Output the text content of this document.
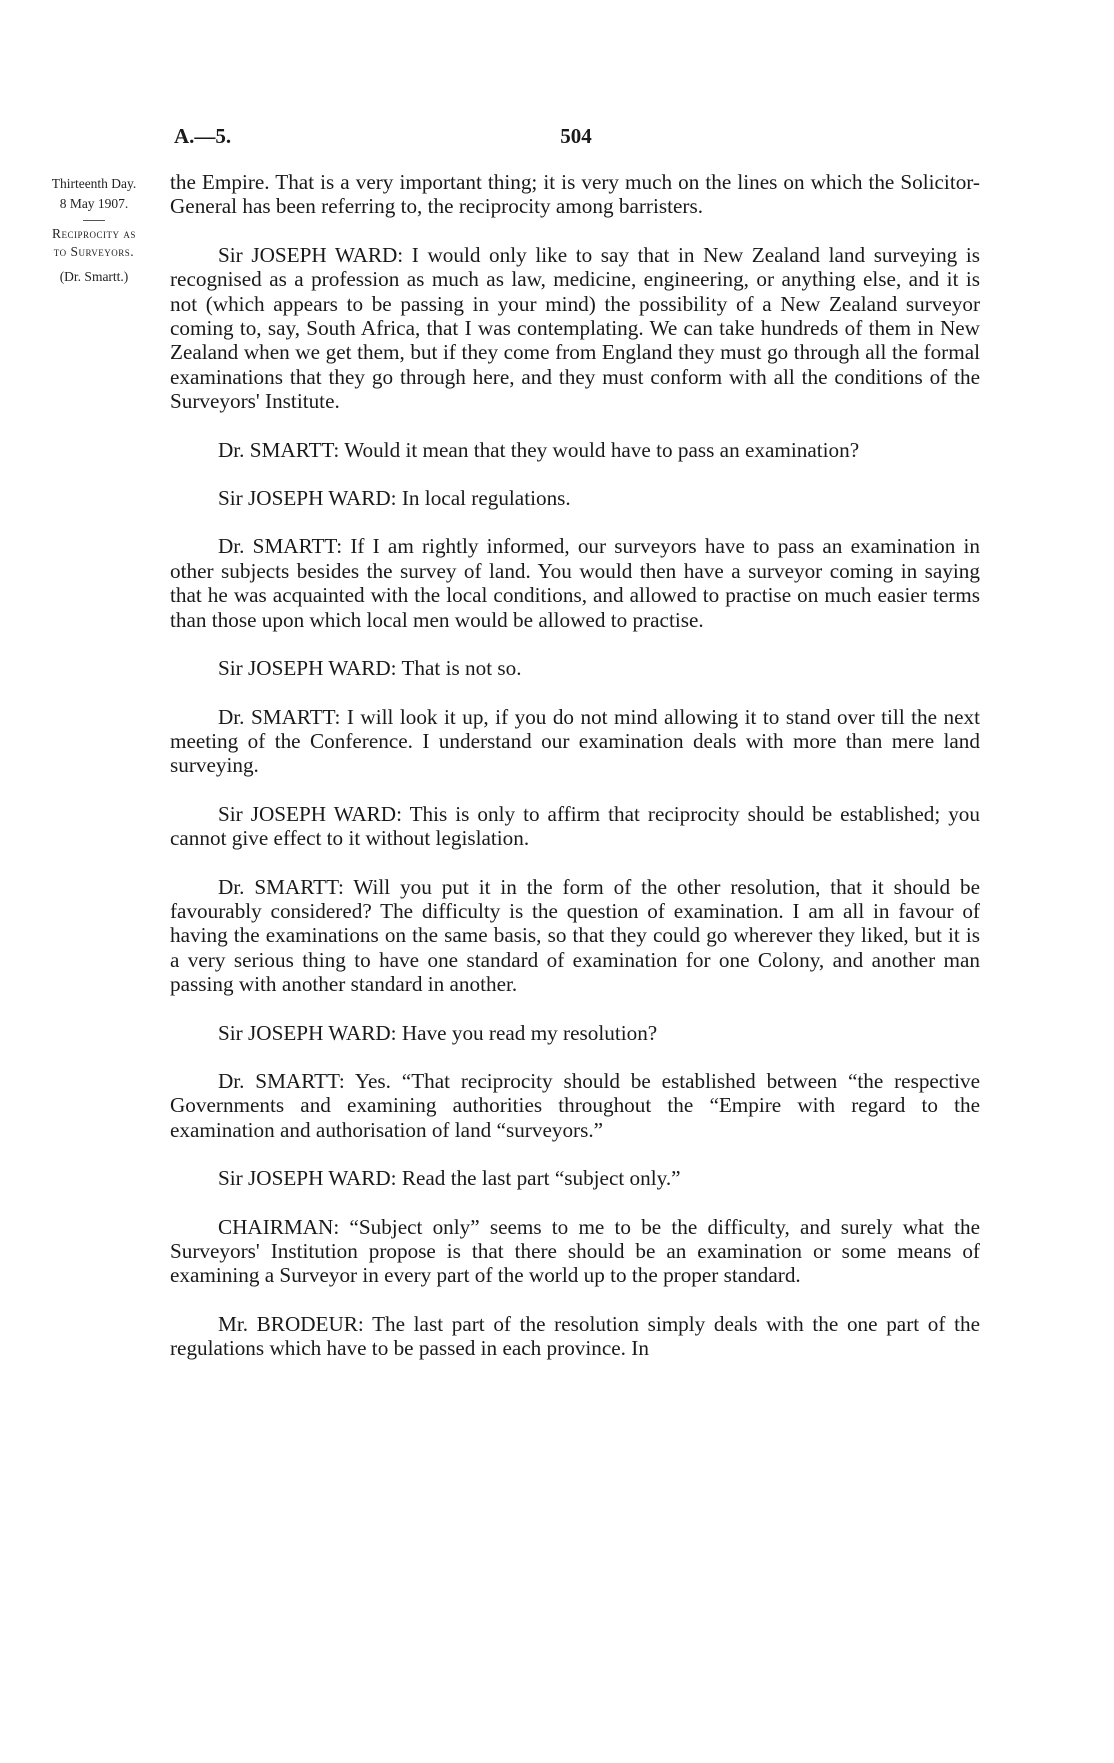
A.—5.	504
Thirteenth Day.
8 May 1907.
Reciprocity as
to Surveyors.
(Dr. Smartt.)

the Empire. That is a very important thing; it is very much on the lines on which the Solicitor-General has been referring to, the reciprocity among barristers.

Sir JOSEPH WARD: I would only like to say that in New Zealand land surveying is recognised as a profession as much as law, medicine, engineering, or anything else, and it is not (which appears to be passing in your mind) the possibility of a New Zealand surveyor coming to, say, South Africa, that I was contemplating. We can take hundreds of them in New Zealand when we get them, but if they come from England they must go through all the formal examinations that they go through here, and they must conform with all the conditions of the Surveyors' Institute.

Dr. SMARTT: Would it mean that they would have to pass an examination?

Sir JOSEPH WARD: In local regulations.

Dr. SMARTT: If I am rightly informed, our surveyors have to pass an examination in other subjects besides the survey of land. You would then have a surveyor coming in saying that he was acquainted with the local conditions, and allowed to practise on much easier terms than those upon which local men would be allowed to practise.

Sir JOSEPH WARD: That is not so.

Dr. SMARTT: I will look it up, if you do not mind allowing it to stand over till the next meeting of the Conference. I understand our examination deals with more than mere land surveying.

Sir JOSEPH WARD: This is only to affirm that reciprocity should be established; you cannot give effect to it without legislation.

Dr. SMARTT: Will you put it in the form of the other resolution, that it should be favourably considered? The difficulty is the question of examination. I am all in favour of having the examinations on the same basis, so that they could go wherever they liked, but it is a very serious thing to have one standard of examination for one Colony, and another man passing with another standard in another.

Sir JOSEPH WARD: Have you read my resolution?

Dr. SMARTT: Yes. “That reciprocity should be established between “the respective Governments and examining authorities throughout the “Empire with regard to the examination and authorisation of land “surveyors.”

Sir JOSEPH WARD: Read the last part “subject only.”

CHAIRMAN: “Subject only” seems to me to be the difficulty, and surely what the Surveyors' Institution propose is that there should be an examination or some means of examining a Surveyor in every part of the world up to the proper standard.

Mr. BRODEUR: The last part of the resolution simply deals with the one part of the regulations which have to be passed in each province. In
